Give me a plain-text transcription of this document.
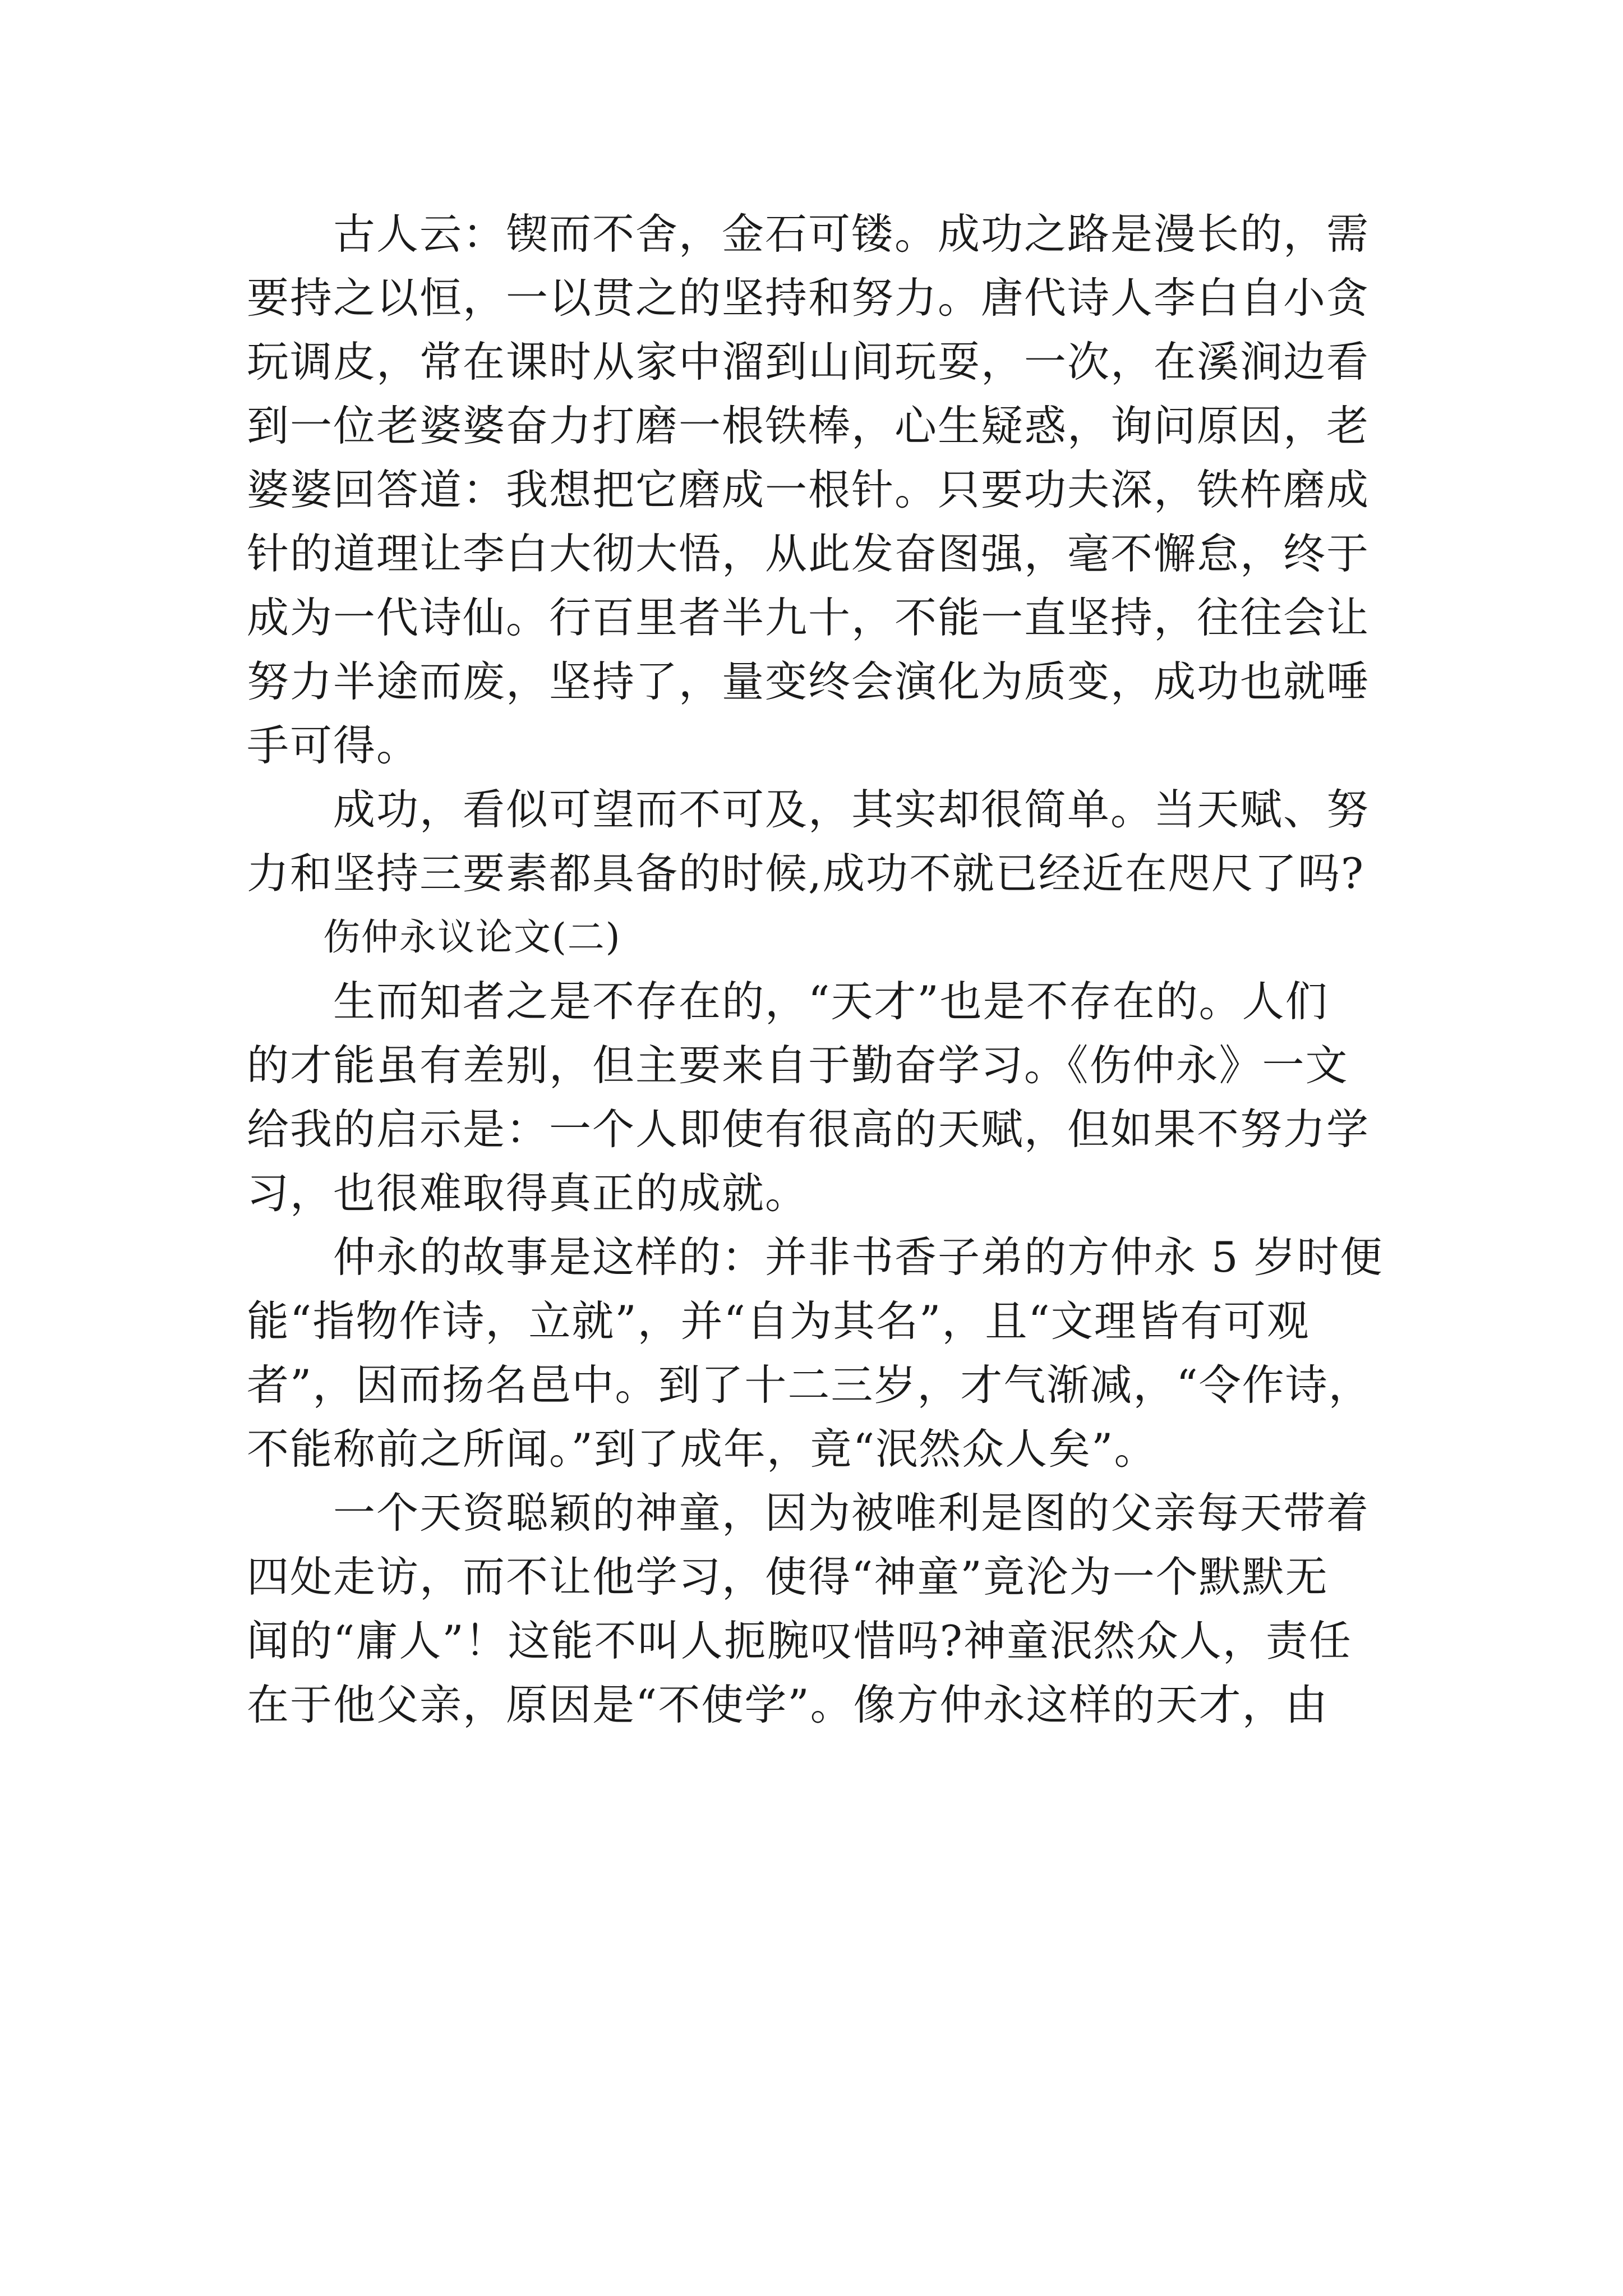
　　古人云：锲而不舍，金石可镂。成功之路是漫长的，需
要持之以恒，一以贯之的坚持和努力。唐代诗人李白自小贪
玩调皮，常在课时从家中溜到山间玩耍，一次，在溪涧边看
到一位老婆婆奋力打磨一根铁棒，心生疑惑，询问原因，老
婆婆回答道：我想把它磨成一根针。只要功夫深，铁杵磨成
针的道理让李白大彻大悟，从此发奋图强，毫不懈怠，终于
成为一代诗仙。行百里者半九十，不能一直坚持，往往会让
努力半途而废，坚持了，量变终会演化为质变，成功也就唾
手可得。
　　成功，看似可望而不可及，其实却很简单。当天赋、努
力和坚持三要素都具备的时候,成功不就已经近在咫尺了吗?
　　伤仲永议论文(二)
　　生而知者之是不存在的，“天才”也是不存在的。人们
的才能虽有差别，但主要来自于勤奋学习。《伤仲永》一文
给我的启示是：一个人即使有很高的天赋，但如果不努力学
习，也很难取得真正的成就。
　　仲永的故事是这样的：并非书香子弟的方仲永 5 岁时便
能“指物作诗，立就”，并“自为其名”，且“文理皆有可观
者”，因而扬名邑中。到了十二三岁，才气渐减，“令作诗，
不能称前之所闻。”到了成年，竟“泯然众人矣”。
　　一个天资聪颖的神童，因为被唯利是图的父亲每天带着
四处走访，而不让他学习，使得“神童”竟沦为一个默默无
闻的“庸人”！这能不叫人扼腕叹惜吗?神童泯然众人，责任
在于他父亲，原因是“不使学”。像方仲永这样的天才，由
